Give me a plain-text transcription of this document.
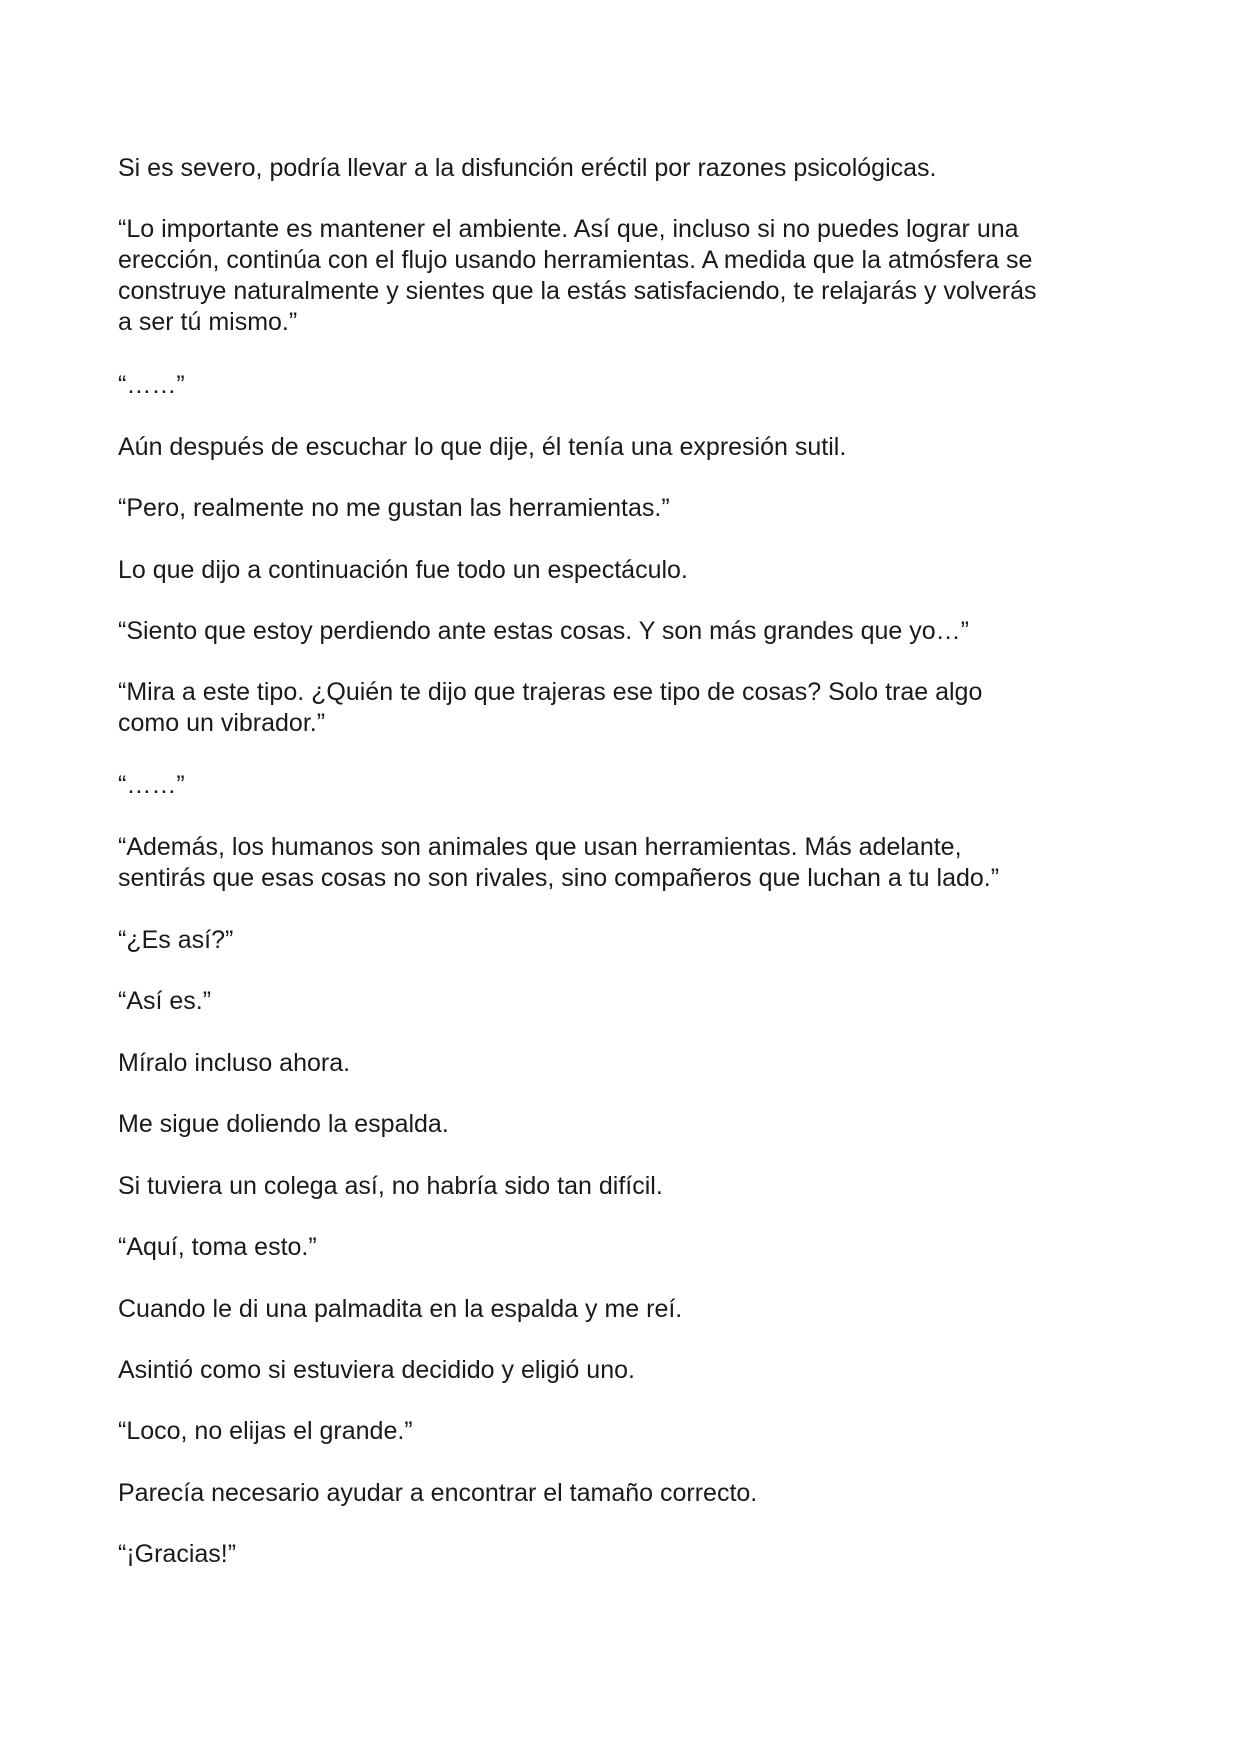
Si es severo, podría llevar a la disfunción eréctil por razones psicológicas.

“Lo importante es mantener el ambiente. Así que, incluso si no puedes lograr una
erección, continúa con el flujo usando herramientas. A medida que la atmósfera se
construye naturalmente y sientes que la estás satisfaciendo, te relajarás y volverás
a ser tú mismo.”

“……”

Aún después de escuchar lo que dije, él tenía una expresión sutil.

“Pero, realmente no me gustan las herramientas.”

Lo que dijo a continuación fue todo un espectáculo.

“Siento que estoy perdiendo ante estas cosas. Y son más grandes que yo…”

“Mira a este tipo. ¿Quién te dijo que trajeras ese tipo de cosas? Solo trae algo
como un vibrador.”

“……”

“Además, los humanos son animales que usan herramientas. Más adelante,
sentirás que esas cosas no son rivales, sino compañeros que luchan a tu lado.”

“¿Es así?”

“Así es.”

Míralo incluso ahora.

Me sigue doliendo la espalda.

Si tuviera un colega así, no habría sido tan difícil.

“Aquí, toma esto.”

Cuando le di una palmadita en la espalda y me reí.

Asintió como si estuviera decidido y eligió uno.

“Loco, no elijas el grande.”

Parecía necesario ayudar a encontrar el tamaño correcto.

“¡Gracias!”
